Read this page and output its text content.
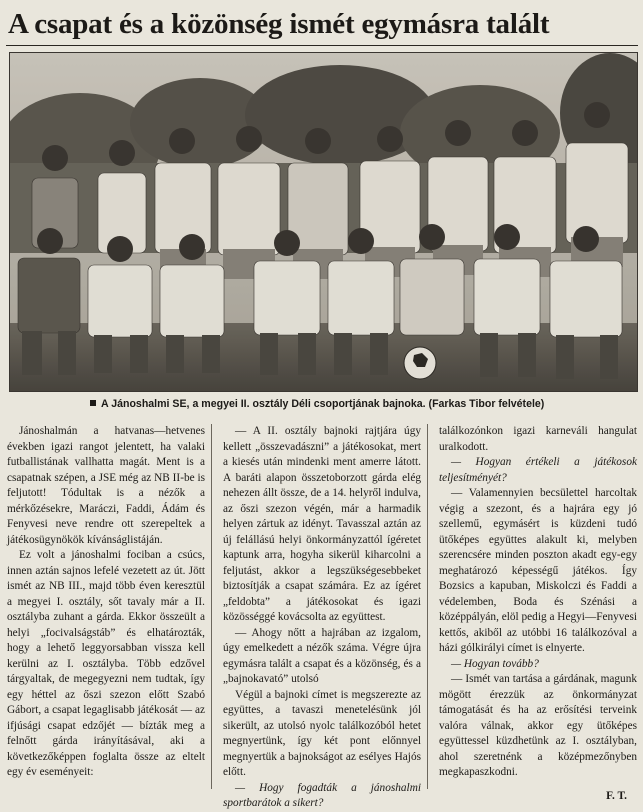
A csapat és a közönség ismét egymásra talált
A Jánoshalmi SE, a megyei II. osztály Déli csoportjának bajnoka. (Farkas Tibor felvétele)

Jánoshalmán a hatvanas—hetvenes években igazi rangot jelentett, ha valaki futballistának vallhatta magát. Ment is a csapatnak szépen, a JSE még az NB II-be is feljutott! Tódultak is a nézők a mérkőzésekre, Maráczi, Faddi, Ádám és Fenyvesi neve rendre ott szerepeltek a játékosügynökök kívánságlistáján.

Ez volt a jánoshalmi fociban a csúcs, innen aztán sajnos lefelé vezetett az út. Jött ismét az NB III., majd több éven keresztül a megyei I. osztály, sőt tavaly már a II. osztályba zuhant a gárda. Ekkor összeült a helyi „focivalságstáb” és elhatározták, hogy a lehető leggyorsabban vissza kell kerülni az I. osztályba. Több edzővel tárgyaltak, de megegyezni nem tudtak, így egy héttel az őszi szezon előtt Szabó Gábort, a csapat legaglisabb játékosát — az ifjúsági csapat edzőjét — bízták meg a felnőtt gárda irányításával, aki a következőképpen foglalta össze az eltelt egy év eseményeit:

— A II. osztály bajnoki rajtjára úgy kellett „összevadászni” a játékosokat, mert a kiesés után mindenki ment amerre látott. A baráti alapon összetoborzott gárda elég nehezen állt össze, de a 14. helyről indulva, az őszi szezon végén, már a harmadik helyen zártuk az idényt. Tavasszal aztán az új felállású helyi önkormányzattól ígéretet kaptunk arra, hogyha sikerül kiharcolni a feljutást, akkor a legszükségesebbeket biztosítják a csapat számára. Ez az ígéret „feldobta” a játékosokat és igazi közösséggé kovácsolta az együttest.

— Ahogy nőtt a hajrában az izgalom, úgy emelkedett a nézők száma. Végre újra egymásra talált a csapat és a közönség, és a „bajnokavató” utolsó

Végül a bajnoki címet is megszerezte az együttes, a tavaszi menetelésünk jól sikerült, az utolsó nyolc találkozóból hetet megnyertünk, így két pont előnnyel megnyertük a bajnokságot az esélyes Hajós előtt.

— Hogy fogadták a jánoshalmi sportbarátok a sikert?

találkozónkon igazi karneváli hangulat uralkodott.

— Hogyan értékeli a játékosok teljesítményét?

— Valamennyien becsülettel harcoltak végig a szezont, és a hajrára egy jó szellemű, egymásért is küzdeni tudó ütőképes együttes alakult ki, melyben szerencsére minden poszton akadt egy-egy meghatározó képességű játékos. Így Bozsics a kapuban, Miskolczi és Faddi a védelemben, Boda és Szénási a középpályán, elöl pedig a Hegyi—Fenyvesi kettős, akiből az utóbbi 16 találkozóval a házi gólkirályi címet is elnyerte.

— Hogyan tovább?

— Ismét van tartása a gárdának, magunk mögött érezzük az önkormányzat támogatását és ha az erősítési terveink valóra válnak, akkor egy ütőképes együttessel küzdhetünk az I. osztályban, ahol szeretnénk a középmezőnyben megkapaszkodni.

F. T.
